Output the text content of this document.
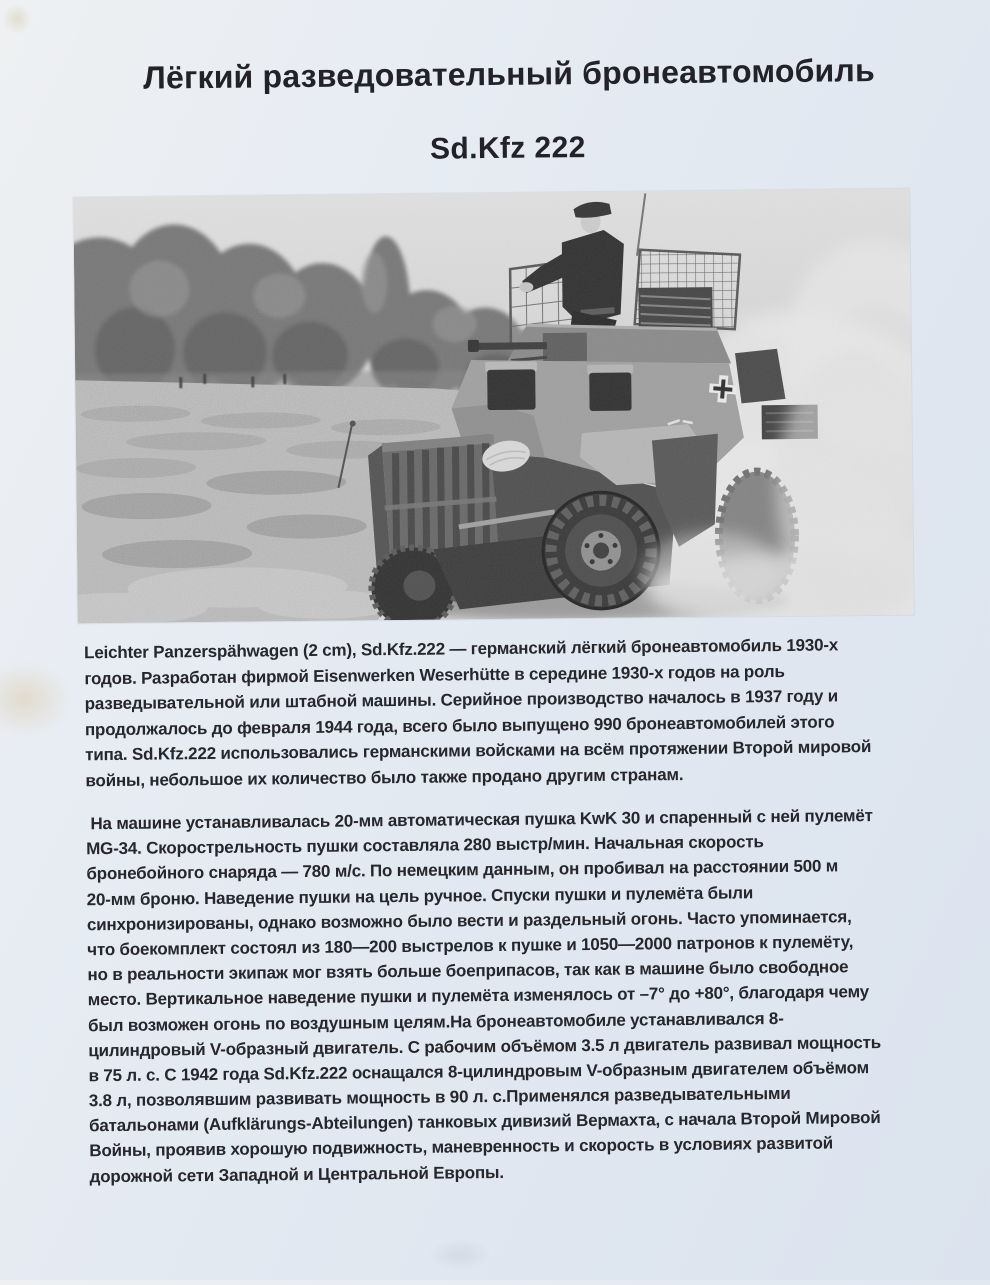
Лёгкий разведовательный бронеавтомобиль
Sd.Kfz 222
Leichter Panzerspähwagen (2 cm), Sd.Kfz.222 — германский лёгкий бронеавтомобиль 1930-х
годов. Разработан фирмой Eisenwerken Weserhütte в середине 1930-х годов на роль
разведывательной или штабной машины. Серийное производство началось в 1937 году и
продолжалось до февраля 1944 года, всего было выпущено 990 бронеавтомобилей этого
типа. Sd.Kfz.222 использовались германскими войсками на всём протяжении Второй мировой
войны, небольшое их количество было также продано другим странам.
На машине устанавливалась 20-мм автоматическая пушка KwK 30 и спаренный с ней пулемёт
MG-34. Скорострельность пушки составляла 280 выстр/мин. Начальная скорость
бронебойного снаряда — 780 м/с. По немецким данным, он пробивал на расстоянии 500 м
20-мм броню. Наведение пушки на цель ручное. Спуски пушки и пулемёта были
синхронизированы, однако возможно было вести и раздельный огонь. Часто упоминается,
что боекомплект состоял из 180—200 выстрелов к пушке и 1050—2000 патронов к пулемёту,
но в реальности экипаж мог взять больше боеприпасов, так как в машине было свободное
место. Вертикальное наведение пушки и пулемёта изменялось от –7° до +80°, благодаря чему
был возможен огонь по воздушным целям.На бронеавтомобиле устанавливался 8-
цилиндровый V-образный двигатель. С рабочим объёмом 3.5 л двигатель развивал мощность
в 75 л. с. С 1942 года Sd.Kfz.222 оснащался 8-цилиндровым V-образным двигателем объёмом
3.8 л, позволявшим развивать мощность в 90 л. с.Применялся разведывательными
батальонами (Aufklärungs-Abteilungen) танковых дивизий Вермахта, с начала Второй Мировой
Войны, проявив хорошую подвижность, маневренность и скорость в условиях развитой
дорожной сети Западной и Центральной Европы.
